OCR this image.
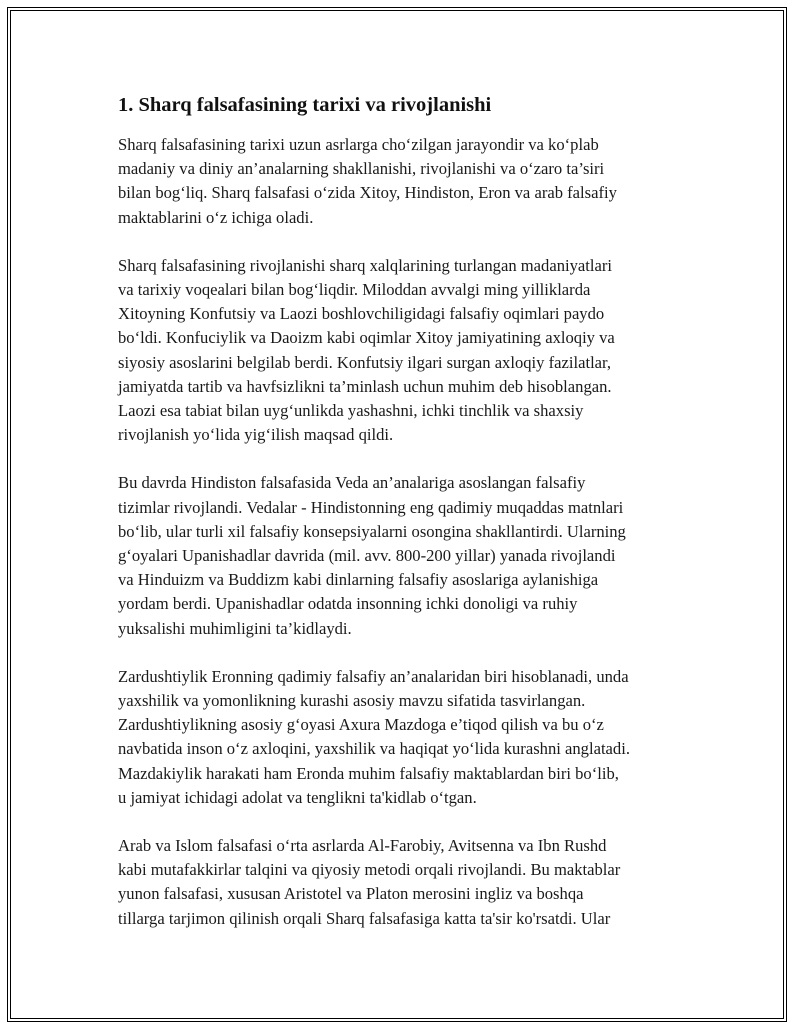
1. Sharq falsafasining tarixi va rivojlanishi
Sharq falsafasining tarixi uzun asrlarga cho‘zilgan jarayondir va ko‘plab
madaniy va diniy an’analarning shakllanishi, rivojlanishi va o‘zaro ta’siri
bilan bog‘liq. Sharq falsafasi o‘zida Xitoy, Hindiston, Eron va arab falsafiy
maktablarini o‘z ichiga oladi.
Sharq falsafasining rivojlanishi sharq xalqlarining turlangan madaniyatlari
va tarixiy voqealari bilan bog‘liqdir. Miloddan avvalgi ming yilliklarda
Xitoyning Konfutsiy va Laozi boshlovchiligidagi falsafiy oqimlari paydo
bo‘ldi. Konfuciylik va Daoizm kabi oqimlar Xitoy jamiyatining axloqiy va
siyosiy asoslarini belgilab berdi. Konfutsiy ilgari surgan axloqiy fazilatlar,
jamiyatda tartib va havfsizlikni ta’minlash uchun muhim deb hisoblangan.
Laozi esa tabiat bilan uyg‘unlikda yashashni, ichki tinchlik va shaxsiy
rivojlanish yo‘lida yig‘ilish maqsad qildi.
Bu davrda Hindiston falsafasida Veda an’analariga asoslangan falsafiy
tizimlar rivojlandi. Vedalar - Hindistonning eng qadimiy muqaddas matnlari
bo‘lib, ular turli xil falsafiy konsepsiyalarni osongina shakllantirdi. Ularning
g‘oyalari Upanishadlar davrida (mil. avv. 800-200 yillar) yanada rivojlandi
va Hinduizm va Buddizm kabi dinlarning falsafiy asoslariga aylanishiga
yordam berdi. Upanishadlar odatda insonning ichki donoligi va ruhiy
yuksalishi muhimligini ta’kidlaydi.
Zardushtiylik Eronning qadimiy falsafiy an’analaridan biri hisoblanadi, unda
yaxshilik va yomonlikning kurashi asosiy mavzu sifatida tasvirlangan.
Zardushtiylikning asosiy g‘oyasi Axura Mazdoga e’tiqod qilish va bu o‘z
navbatida inson o‘z axloqini, yaxshilik va haqiqat yo‘lida kurashni anglatadi.
Mazdakiylik harakati ham Eronda muhim falsafiy maktablardan biri bo‘lib,
u jamiyat ichidagi adolat va tenglikni ta'kidlab o‘tgan.
Arab va Islom falsafasi o‘rta asrlarda Al-Farobiy, Avitsenna va Ibn Rushd
kabi mutafakkirlar talqini va qiyosiy metodi orqali rivojlandi. Bu maktablar
yunon falsafasi, xususan Aristotel va Platon merosini ingliz va boshqa
tillarga tarjimon qilinish orqali Sharq falsafasiga katta ta'sir ko'rsatdi. Ular
